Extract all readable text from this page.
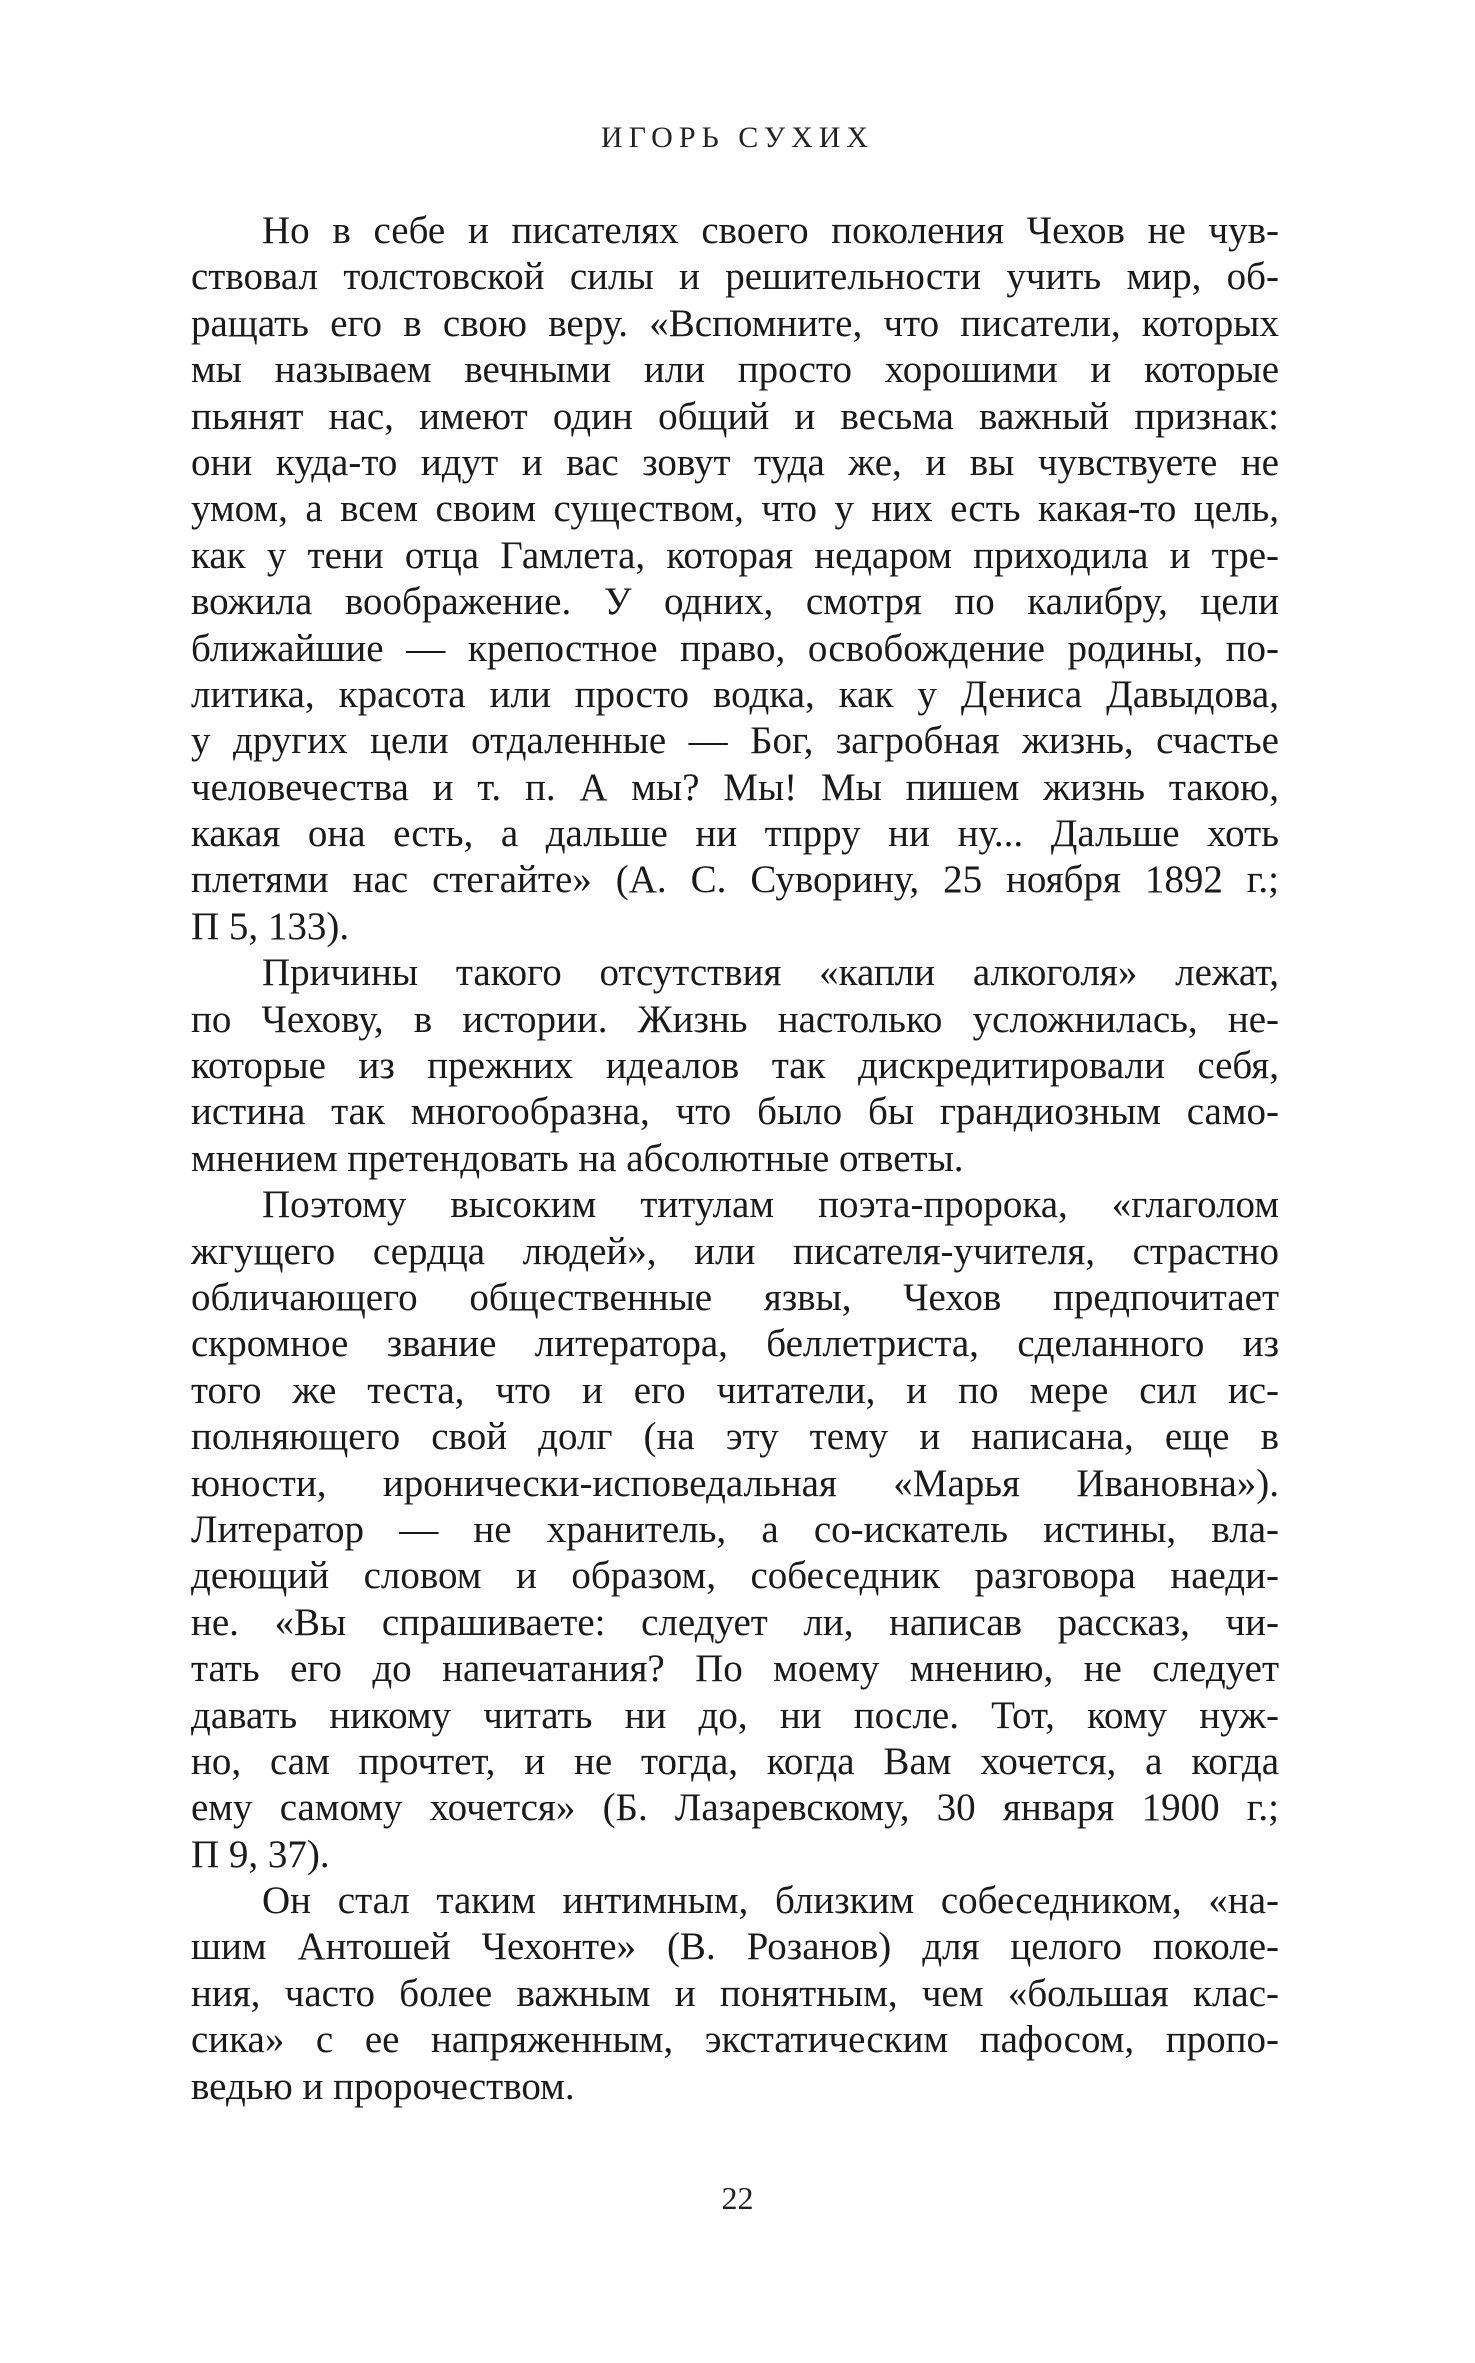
ИГОРЬ СУХИХ
Но в себе и писателях своего поколения Чехов не чув-
ствовал толстовской силы и решительности учить мир, об-
ращать его в свою веру. «Вспомните, что писатели, которых
мы называем вечными или просто хорошими и которые
пьянят нас, имеют один общий и весьма важный признак:
они куда-то идут и вас зовут туда же, и вы чувствуете не
умом, а всем своим существом, что у них есть какая-то цель,
как у тени отца Гамлета, которая недаром приходила и тре-
вожила воображение. У одних, смотря по калибру, цели
ближайшие — крепостное право, освобождение родины, по-
литика, красота или просто водка, как у Дениса Давыдова,
у других цели отдаленные — Бог, загробная жизнь, счастье
человечества и т. п. А мы? Мы! Мы пишем жизнь такою,
какая она есть, а дальше ни тпрру ни ну... Дальше хоть
плетями нас стегайте» (А. С. Суворину, 25 ноября 1892 г.;
П 5, 133).
Причины такого отсутствия «капли алкоголя» лежат,
по Чехову, в истории. Жизнь настолько усложнилась, не-
которые из прежних идеалов так дискредитировали себя,
истина так многообразна, что было бы грандиозным само-
мнением претендовать на абсолютные ответы.
Поэтому высоким титулам поэта-пророка, «глаголом
жгущего сердца людей», или писателя-учителя, страстно
обличающего общественные язвы, Чехов предпочитает
скромное звание литератора, беллетриста, сделанного из
того же теста, что и его читатели, и по мере сил ис-
полняющего свой долг (на эту тему и написана, еще в
юности, иронически-исповедальная «Марья Ивановна»).
Литератор — не хранитель, а со-искатель истины, вла-
деющий словом и образом, собеседник разговора наеди-
не. «Вы спрашиваете: следует ли, написав рассказ, чи-
тать его до напечатания? По моему мнению, не следует
давать никому читать ни до, ни после. Тот, кому нуж-
но, сам прочтет, и не тогда, когда Вам хочется, а когда
ему самому хочется» (Б. Лазаревскому, 30 января 1900 г.;
П 9, 37).
Он стал таким интимным, близким собеседником, «на-
шим Антошей Чехонте» (В. Розанов) для целого поколе-
ния, часто более важным и понятным, чем «большая клас-
сика» с ее напряженным, экстатическим пафосом, пропо-
ведью и пророчеством.
22
